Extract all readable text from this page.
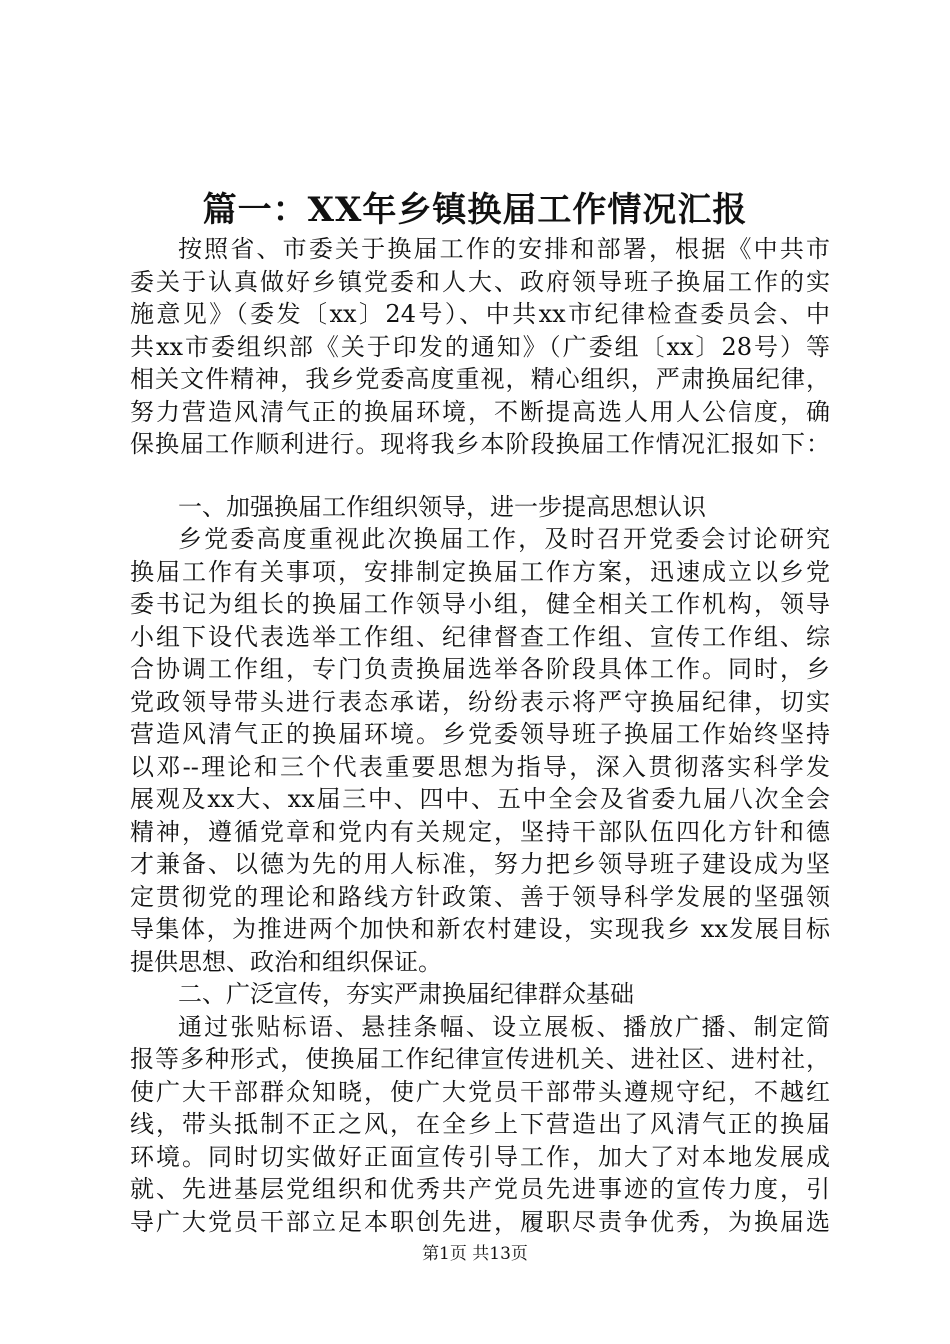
篇一：XX年乡镇换届工作情况汇报
按照省、市委关于换届工作的安排和部署，根据《中共市
委关于认真做好乡镇党委和人大、政府领导班子换届工作的实
施意见》（委发〔xx〕24号）、中共xx市纪律检查委员会、中
共xx市委组织部《关于印发的通知》（广委组〔xx〕28号）等
相关文件精神，我乡党委高度重视，精心组织，严肃换届纪律，
努力营造风清气正的换届环境，不断提高选人用人公信度，确
保换届工作顺利进行。现将我乡本阶段换届工作情况汇报如下：
一、加强换届工作组织领导，进一步提高思想认识
乡党委高度重视此次换届工作，及时召开党委会讨论研究
换届工作有关事项，安排制定换届工作方案，迅速成立以乡党
委书记为组长的换届工作领导小组，健全相关工作机构，领导
小组下设代表选举工作组、纪律督查工作组、宣传工作组、综
合协调工作组，专门负责换届选举各阶段具体工作。同时，乡
党政领导带头进行表态承诺，纷纷表示将严守换届纪律，切实
营造风清气正的换届环境。乡党委领导班子换届工作始终坚持
以邓--理论和三个代表重要思想为指导，深入贯彻落实科学发
展观及xx大、xx届三中、四中、五中全会及省委九届八次全会
精神，遵循党章和党内有关规定，坚持干部队伍四化方针和德
才兼备、以德为先的用人标准，努力把乡领导班子建设成为坚
定贯彻党的理论和路线方针政策、善于领导科学发展的坚强领
导集体，为推进两个加快和新农村建设，实现我乡 xx发展目标
提供思想、政治和组织保证。
二、广泛宣传，夯实严肃换届纪律群众基础
通过张贴标语、悬挂条幅、设立展板、播放广播、制定简
报等多种形式，使换届工作纪律宣传进机关、进社区、进村社，
使广大干部群众知晓，使广大党员干部带头遵规守纪，不越红
线，带头抵制不正之风，在全乡上下营造出了风清气正的换届
环境。同时切实做好正面宣传引导工作，加大了对本地发展成
就、先进基层党组织和优秀共产党员先进事迹的宣传力度，引
导广大党员干部立足本职创先进，履职尽责争优秀，为换届选
第1页 共13页
